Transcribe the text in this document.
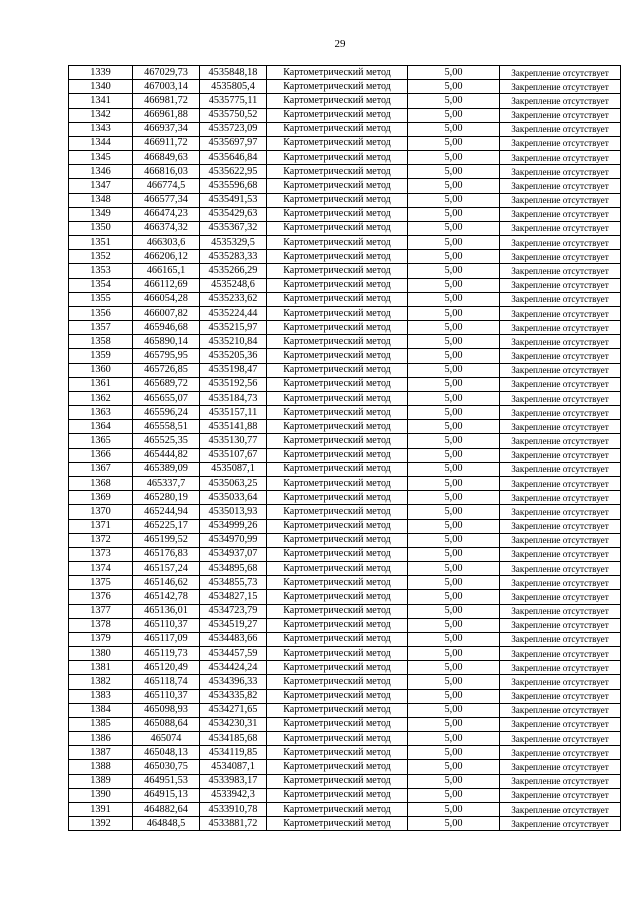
29
1339	467029,73	4535848,18	Картометрический метод	5,00	Закрепление отсутствует
1340	467003,14	4535805,4	Картометрический метод	5,00	Закрепление отсутствует
1341	466981,72	4535775,11	Картометрический метод	5,00	Закрепление отсутствует
1342	466961,88	4535750,52	Картометрический метод	5,00	Закрепление отсутствует
1343	466937,34	4535723,09	Картометрический метод	5,00	Закрепление отсутствует
1344	466911,72	4535697,97	Картометрический метод	5,00	Закрепление отсутствует
1345	466849,63	4535646,84	Картометрический метод	5,00	Закрепление отсутствует
1346	466816,03	4535622,95	Картометрический метод	5,00	Закрепление отсутствует
1347	466774,5	4535596,68	Картометрический метод	5,00	Закрепление отсутствует
1348	466577,34	4535491,53	Картометрический метод	5,00	Закрепление отсутствует
1349	466474,23	4535429,63	Картометрический метод	5,00	Закрепление отсутствует
1350	466374,32	4535367,32	Картометрический метод	5,00	Закрепление отсутствует
1351	466303,6	4535329,5	Картометрический метод	5,00	Закрепление отсутствует
1352	466206,12	4535283,33	Картометрический метод	5,00	Закрепление отсутствует
1353	466165,1	4535266,29	Картометрический метод	5,00	Закрепление отсутствует
1354	466112,69	4535248,6	Картометрический метод	5,00	Закрепление отсутствует
1355	466054,28	4535233,62	Картометрический метод	5,00	Закрепление отсутствует
1356	466007,82	4535224,44	Картометрический метод	5,00	Закрепление отсутствует
1357	465946,68	4535215,97	Картометрический метод	5,00	Закрепление отсутствует
1358	465890,14	4535210,84	Картометрический метод	5,00	Закрепление отсутствует
1359	465795,95	4535205,36	Картометрический метод	5,00	Закрепление отсутствует
1360	465726,85	4535198,47	Картометрический метод	5,00	Закрепление отсутствует
1361	465689,72	4535192,56	Картометрический метод	5,00	Закрепление отсутствует
1362	465655,07	4535184,73	Картометрический метод	5,00	Закрепление отсутствует
1363	465596,24	4535157,11	Картометрический метод	5,00	Закрепление отсутствует
1364	465558,51	4535141,88	Картометрический метод	5,00	Закрепление отсутствует
1365	465525,35	4535130,77	Картометрический метод	5,00	Закрепление отсутствует
1366	465444,82	4535107,67	Картометрический метод	5,00	Закрепление отсутствует
1367	465389,09	4535087,1	Картометрический метод	5,00	Закрепление отсутствует
1368	465337,7	4535063,25	Картометрический метод	5,00	Закрепление отсутствует
1369	465280,19	4535033,64	Картометрический метод	5,00	Закрепление отсутствует
1370	465244,94	4535013,93	Картометрический метод	5,00	Закрепление отсутствует
1371	465225,17	4534999,26	Картометрический метод	5,00	Закрепление отсутствует
1372	465199,52	4534970,99	Картометрический метод	5,00	Закрепление отсутствует
1373	465176,83	4534937,07	Картометрический метод	5,00	Закрепление отсутствует
1374	465157,24	4534895,68	Картометрический метод	5,00	Закрепление отсутствует
1375	465146,62	4534855,73	Картометрический метод	5,00	Закрепление отсутствует
1376	465142,78	4534827,15	Картометрический метод	5,00	Закрепление отсутствует
1377	465136,01	4534723,79	Картометрический метод	5,00	Закрепление отсутствует
1378	465110,37	4534519,27	Картометрический метод	5,00	Закрепление отсутствует
1379	465117,09	4534483,66	Картометрический метод	5,00	Закрепление отсутствует
1380	465119,73	4534457,59	Картометрический метод	5,00	Закрепление отсутствует
1381	465120,49	4534424,24	Картометрический метод	5,00	Закрепление отсутствует
1382	465118,74	4534396,33	Картометрический метод	5,00	Закрепление отсутствует
1383	465110,37	4534335,82	Картометрический метод	5,00	Закрепление отсутствует
1384	465098,93	4534271,65	Картометрический метод	5,00	Закрепление отсутствует
1385	465088,64	4534230,31	Картометрический метод	5,00	Закрепление отсутствует
1386	465074	4534185,68	Картометрический метод	5,00	Закрепление отсутствует
1387	465048,13	4534119,85	Картометрический метод	5,00	Закрепление отсутствует
1388	465030,75	4534087,1	Картометрический метод	5,00	Закрепление отсутствует
1389	464951,53	4533983,17	Картометрический метод	5,00	Закрепление отсутствует
1390	464915,13	4533942,3	Картометрический метод	5,00	Закрепление отсутствует
1391	464882,64	4533910,78	Картометрический метод	5,00	Закрепление отсутствует
1392	464848,5	4533881,72	Картометрический метод	5,00	Закрепление отсутствует
